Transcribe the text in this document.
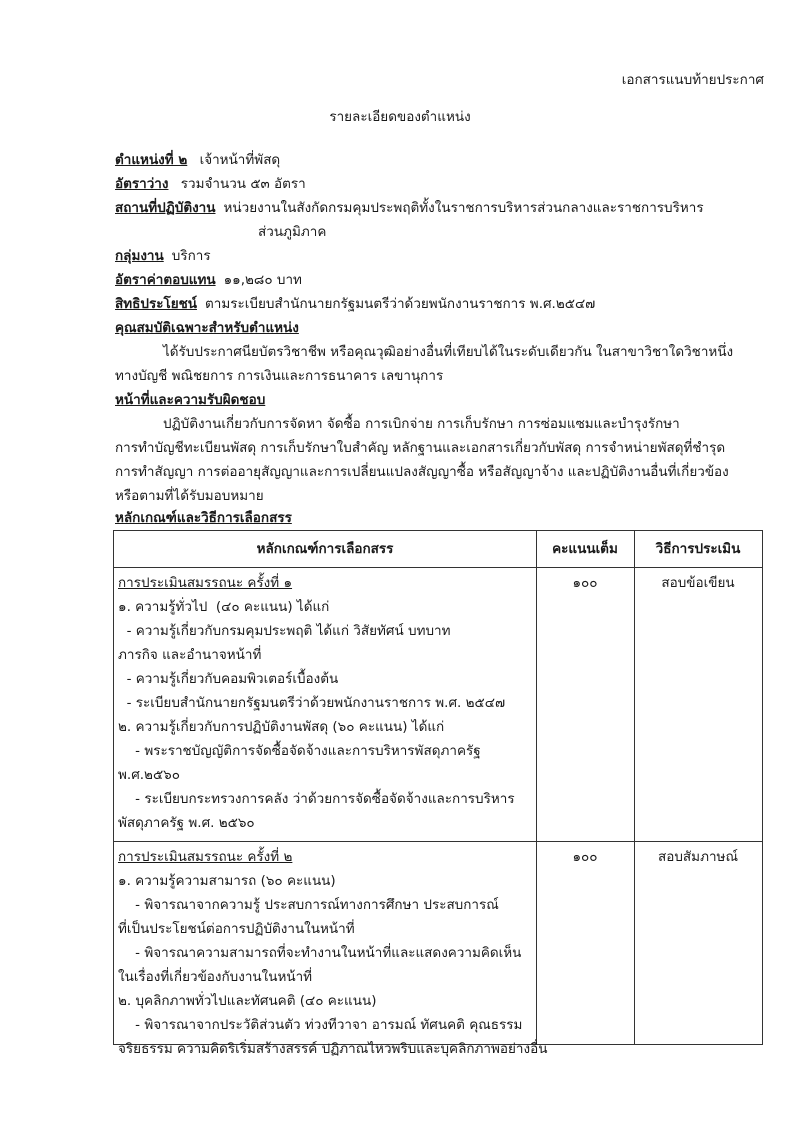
เอกสารแนบท้ายประกาศ
รายละเอียดของตำแหน่ง
ตำแหน่งที่ ๒ เจ้าหน้าที่พัสดุ
อัตราว่าง รวมจำนวน ๕๓ อัตรา
สถานที่ปฏิบัติงาน หน่วยงานในสังกัดกรมคุมประพฤติทั้งในราชการบริหารส่วนกลางและราชการบริหาร
ส่วนภูมิภาค
กลุ่มงาน บริการ
อัตราค่าตอบแทน ๑๑,๒๘๐ บาท
สิทธิประโยชน์ ตามระเบียบสำนักนายกรัฐมนตรีว่าด้วยพนักงานราชการ พ.ศ.๒๕๔๗
คุณสมบัติเฉพาะสำหรับตำแหน่ง
ได้รับประกาศนียบัตรวิชาชีพ หรือคุณวุฒิอย่างอื่นที่เทียบได้ในระดับเดียวกัน ในสาขาวิชาใดวิชาหนึ่ง
ทางบัญชี พณิชยการ การเงินและการธนาคาร เลขานุการ
หน้าที่และความรับผิดชอบ
ปฏิบัติงานเกี่ยวกับการจัดหา จัดซื้อ การเบิกจ่าย การเก็บรักษา การซ่อมแซมและบำรุงรักษา
การทำบัญชีทะเบียนพัสดุ การเก็บรักษาใบสำคัญ หลักฐานและเอกสารเกี่ยวกับพัสดุ การจำหน่ายพัสดุที่ชำรุด
การทำสัญญา การต่ออายุสัญญาและการเปลี่ยนแปลงสัญญาซื้อ หรือสัญญาจ้าง และปฏิบัติงานอื่นที่เกี่ยวข้อง
หรือตามที่ได้รับมอบหมาย
หลักเกณฑ์และวิธีการเลือกสรร
หลักเกณฑ์การเลือกสรร	คะแนนเต็ม	วิธีการประเมิน
การประเมินสมรรถนะ ครั้งที่ ๑	๑๐๐	สอบข้อเขียน
๑. ความรู้ทั่วไป  (๔๐ คะแนน) ได้แก่
- ความรู้เกี่ยวกับกรมคุมประพฤติ ได้แก่ วิสัยทัศน์ บทบาท
ภารกิจ และอำนาจหน้าที่
- ความรู้เกี่ยวกับคอมพิวเตอร์เบื้องต้น
- ระเบียบสำนักนายกรัฐมนตรีว่าด้วยพนักงานราชการ พ.ศ. ๒๕๔๗
๒. ความรู้เกี่ยวกับการปฏิบัติงานพัสดุ (๖๐ คะแนน) ได้แก่
- พระราชบัญญัติการจัดซื้อจัดจ้างและการบริหารพัสดุภาครัฐ
พ.ศ.๒๕๖๐
- ระเบียบกระทรวงการคลัง ว่าด้วยการจัดซื้อจัดจ้างและการบริหาร
พัสดุภาครัฐ พ.ศ. ๒๕๖๐
การประเมินสมรรถนะ ครั้งที่ ๒	๑๐๐	สอบสัมภาษณ์
๑. ความรู้ความสามารถ (๖๐ คะแนน)
- พิจารณาจากความรู้ ประสบการณ์ทางการศึกษา ประสบการณ์
ที่เป็นประโยชน์ต่อการปฏิบัติงานในหน้าที่
- พิจารณาความสามารถที่จะทำงานในหน้าที่และแสดงความคิดเห็น
ในเรื่องที่เกี่ยวข้องกับงานในหน้าที่
๒. บุคลิกภาพทั่วไปและทัศนคติ (๔๐ คะแนน)
- พิจารณาจากประวัติส่วนตัว ท่วงทีวาจา อารมณ์ ทัศนคติ คุณธรรม
จริยธรรม ความคิดริเริ่มสร้างสรรค์ ปฏิภาณไหวพริบและบุคลิกภาพอย่างอื่น
